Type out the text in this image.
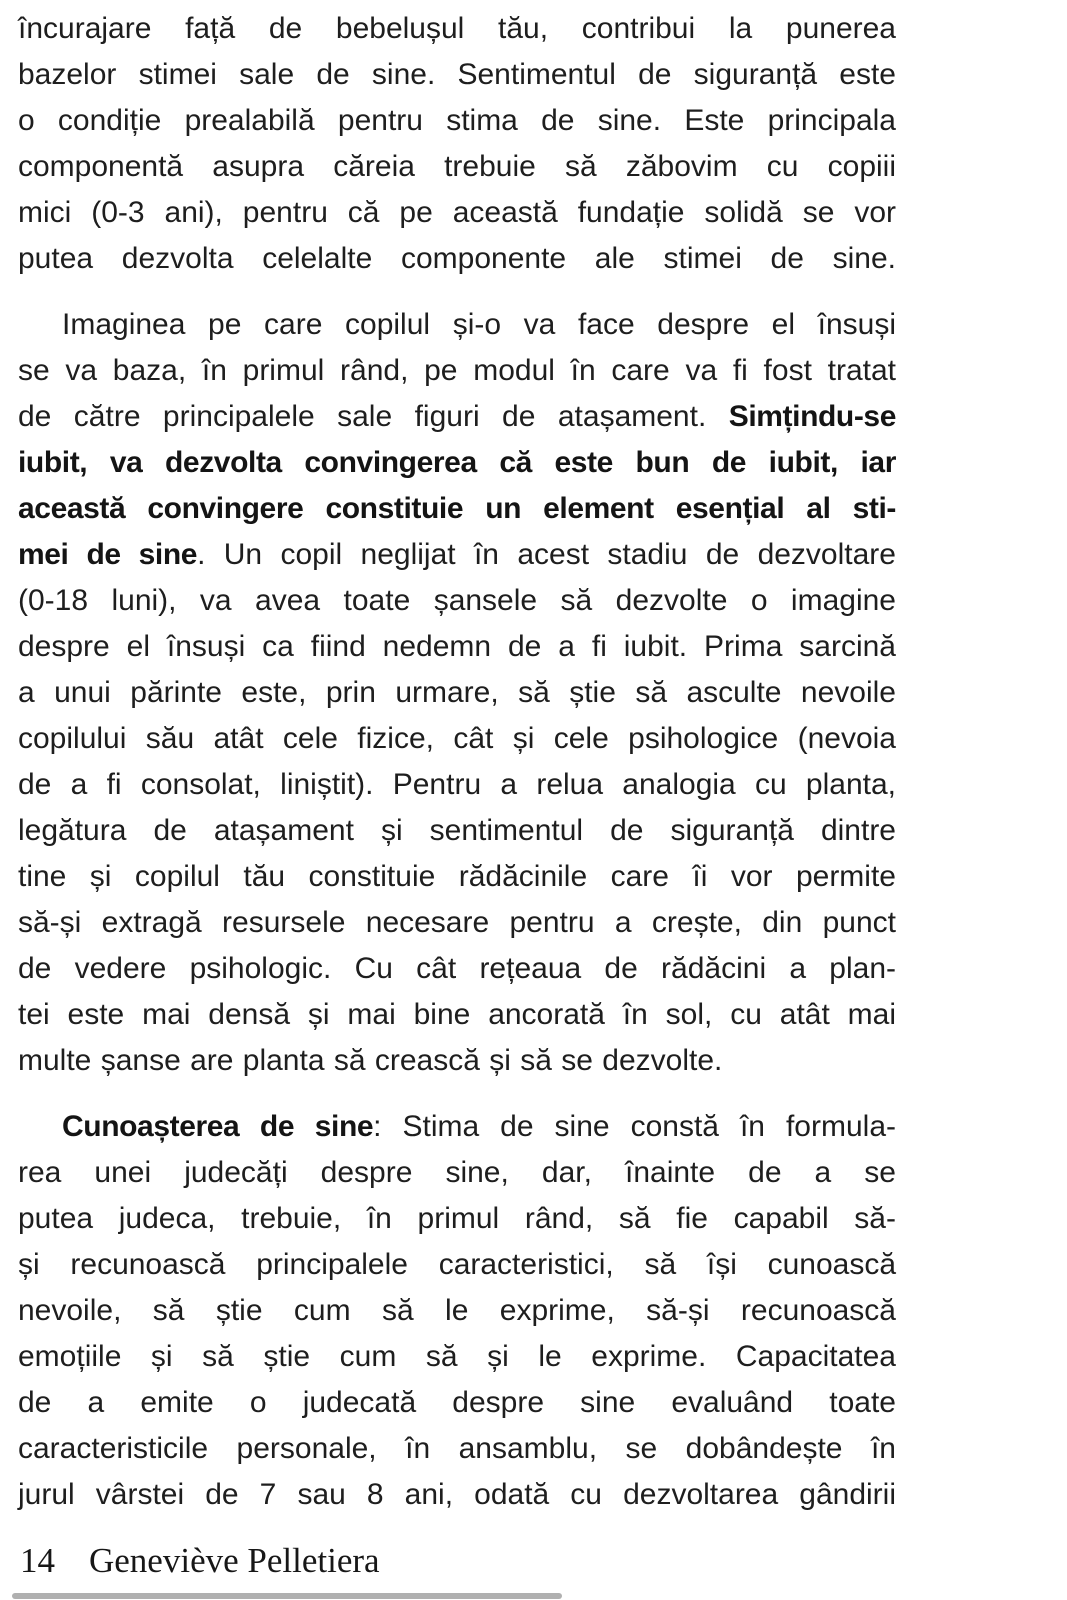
încurajare față de bebelușul tău, contribui la punerea
bazelor stimei sale de sine. Sentimentul de siguranță este
o condiție prealabilă pentru stima de sine. Este principala
componentă asupra căreia trebuie să zăbovim cu copiii
mici (0-3 ani), pentru că pe această fundație solidă se vor
putea dezvolta celelalte componente ale stimei de sine.
Imaginea pe care copilul și-o va face despre el însuși
se va baza, în primul rând, pe modul în care va fi fost tratat
de către principalele sale figuri de atașament. Simțindu-se
iubit, va dezvolta convingerea că este bun de iubit, iar
această convingere constituie un element esențial al sti-
mei de sine. Un copil neglijat în acest stadiu de dezvoltare
(0-18 luni), va avea toate șansele să dezvolte o imagine
despre el însuși ca fiind nedemn de a fi iubit. Prima sarcină
a unui părinte este, prin urmare, să știe să asculte nevoile
copilului său atât cele fizice, cât și cele psihologice (nevoia
de a fi consolat, liniștit). Pentru a relua analogia cu planta,
legătura de atașament și sentimentul de siguranță dintre
tine și copilul tău constituie rădăcinile care îi vor permite
să-și extragă resursele necesare pentru a crește, din punct
de vedere psihologic. Cu cât rețeaua de rădăcini a plan-
tei este mai densă și mai bine ancorată în sol, cu atât mai
multe șanse are planta să crească și să se dezvolte.
Cunoașterea de sine: Stima de sine constă în formula-
rea unei judecăți despre sine, dar, înainte de a se
putea judeca, trebuie, în primul rând, să fie capabil să-
și recunoască principalele caracteristici, să își cunoască
nevoile, să știe cum să le exprime, să-și recunoască
emoțiile și să știe cum să și le exprime. Capacitatea
de a emite o judecată despre sine evaluând toate
caracteristicile personale, în ansamblu, se dobândește în
jurul vârstei de 7 sau 8 ani, odată cu dezvoltarea gândirii
14 Geneviève Pelletiera
